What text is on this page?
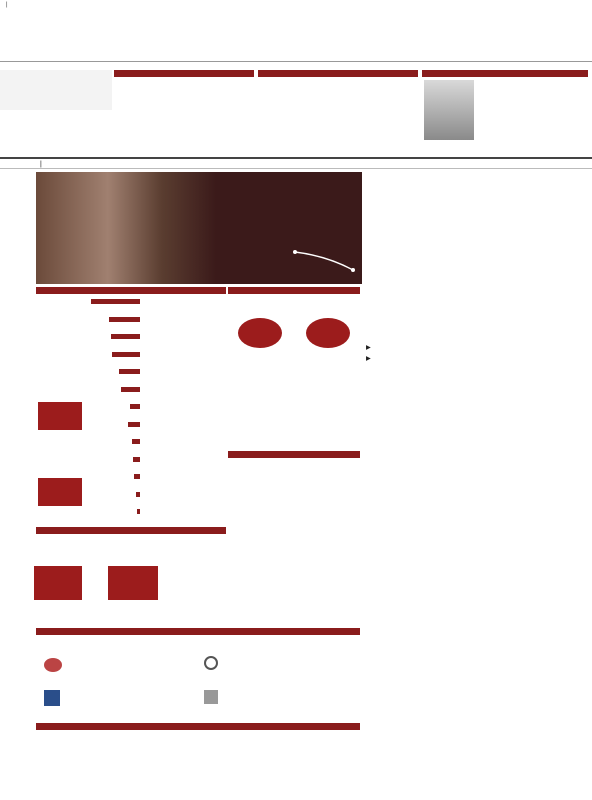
|
|

▸
▸
